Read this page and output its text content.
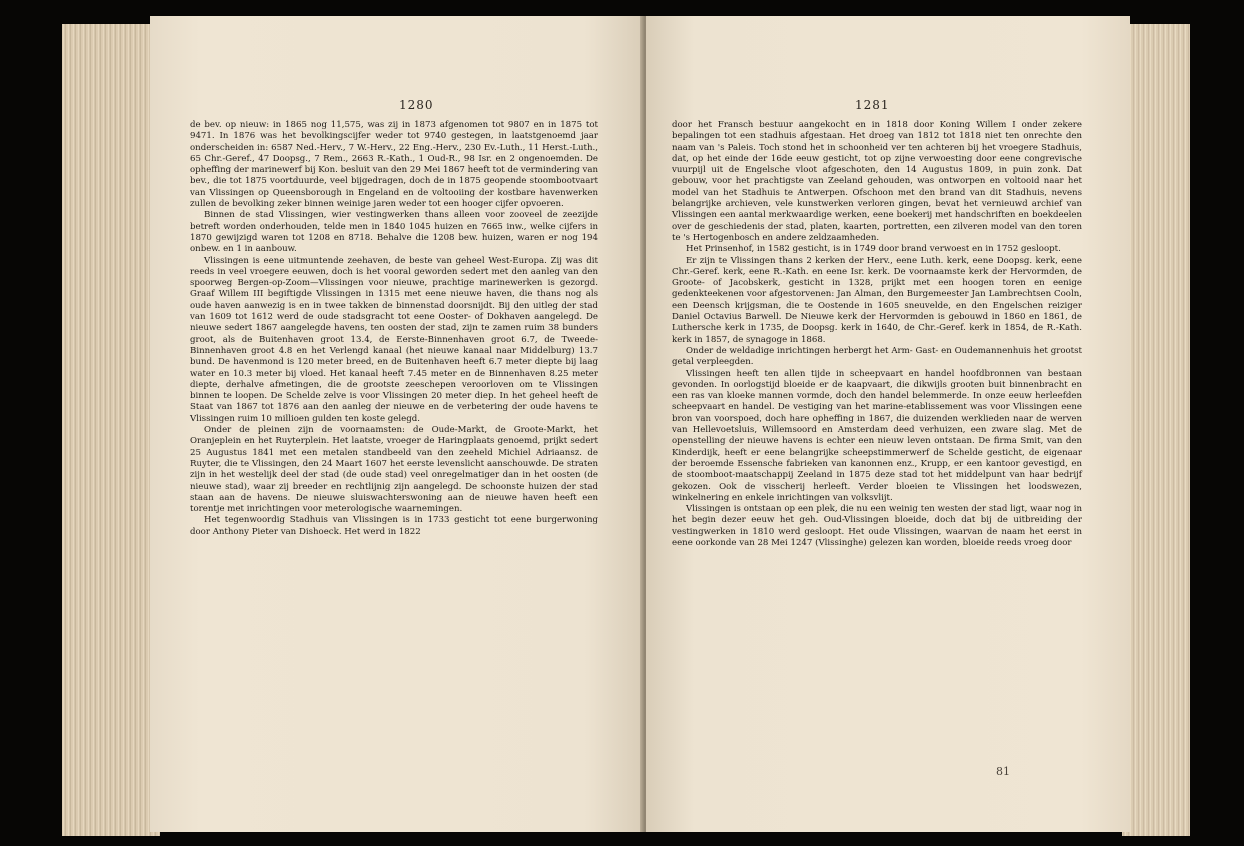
1280

de bev. op nieuw: in 1865 nog 11,575, was zij in 1873 afgenomen tot 9807 en in 1875 tot 9471. In 1876 was het bevolkingscijfer weder tot 9740 gestegen, in laatstgenoemd jaar onderscheiden in: 6587 Ned.-Herv., 7 W.-Herv., 22 Eng.-Herv., 230 Ev.-Luth., 11 Herst.-Luth., 65 Chr.-Geref., 47 Doopsg., 7 Rem., 2663 R.-Kath., 1 Oud-R., 98 Isr. en 2 ongenoemden. De opheffing der marinewerf bij Kon. besluit van den 29 Mei 1867 heeft tot de vermindering van bev., die tot 1875 voortduurde, veel bijgedragen, doch de in 1875 geopende stoombootvaart van Vlissingen op Queensborough in Engeland en de voltooiing der kostbare havenwerken zullen de bevolking zeker binnen weinige jaren weder tot een hooger cijfer opvoeren.

Binnen de stad Vlissingen, wier vestingwerken thans alleen voor zooveel de zeezijde betreft worden onderhouden, telde men in 1840 1045 huizen en 7665 inw., welke cijfers in 1870 gewijzigd waren tot 1208 en 8718. Behalve die 1208 bew. huizen, waren er nog 194 onbew. en 1 in aanbouw.

Vlissingen is eene uitmuntende zeehaven, de beste van geheel West-Europa. Zij was dit reeds in veel vroegere eeuwen, doch is het vooral geworden sedert met den aanleg van den spoorweg Bergen-op-Zoom—Vlissingen voor nieuwe, prachtige marinewerken is gezorgd. Graaf Willem III begiftigde Vlissingen in 1315 met eene nieuwe haven, die thans nog als oude haven aanwezig is en in twee takken de binnenstad doorsnijdt. Bij den uitleg der stad van 1609 tot 1612 werd de oude stadsgracht tot eene Ooster- of Dokhaven aangelegd. De nieuwe sedert 1867 aangelegde havens, ten oosten der stad, zijn te zamen ruim 38 bunders groot, als de Buitenhaven groot 13.4, de Eerste-Binnenhaven groot 6.7, de Tweede-Binnenhaven groot 4.8 en het Verlengd kanaal (het nieuwe kanaal naar Middelburg) 13.7 bund. De havenmond is 120 meter breed, en de Buitenhaven heeft 6.7 meter diepte bij laag water en 10.3 meter bij vloed. Het kanaal heeft 7.45 meter en de Binnenhaven 8.25 meter diepte, derhalve afmetingen, die de grootste zeeschepen veroorloven om te Vlissingen binnen te loopen. De Schelde zelve is voor Vlissingen 20 meter diep. In het geheel heeft de Staat van 1867 tot 1876 aan den aanleg der nieuwe en de verbetering der oude havens te Vlissingen ruim 10 millioen gulden ten koste gelegd.

Onder de pleinen zijn de voornaamsten: de Oude-Markt, de Groote-Markt, het Oranjeplein en het Ruyterplein. Het laatste, vroeger de Haringplaats genoemd, prijkt sedert 25 Augustus 1841 met een metalen standbeeld van den zeeheld Michiel Adriaansz. de Ruyter, die te Vlissingen, den 24 Maart 1607 het eerste levenslicht aanschouwde. De straten zijn in het westelijk deel der stad (de oude stad) veel onregelmatiger dan in het oosten (de nieuwe stad), waar zij breeder en rechtlijnig zijn aangelegd. De schoonste huizen der stad staan aan de havens. De nieuwe sluiswachterswoning aan de nieuwe haven heeft een torentje met inrichtingen voor meterologische waarnemingen.

Het tegenwoordig Stadhuis van Vlissingen is in 1733 gesticht tot eene burgerwoning door Anthony Pieter van Dishoeck. Het werd in 1822

1281

door het Fransch bestuur aangekocht en in 1818 door Koning Willem I onder zekere bepalingen tot een stadhuis afgestaan. Het droeg van 1812 tot 1818 niet ten onrechte den naam van 's Paleis. Toch stond het in schoonheid ver ten achteren bij het vroegere Stadhuis, dat, op het einde der 16de eeuw gesticht, tot op zijne verwoesting door eene congrevische vuurpijl uit de Engelsche vloot afgeschoten, den 14 Augustus 1809, in puin zonk. Dat gebouw, voor het prachtigste van Zeeland gehouden, was ontworpen en voltooid naar het model van het Stadhuis te Antwerpen. Ofschoon met den brand van dit Stadhuis, nevens belangrijke archieven, vele kunstwerken verloren gingen, bevat het vernieuwd archief van Vlissingen een aantal merkwaardige werken, eene boekerij met handschriften en boekdeelen over de geschiedenis der stad, platen, kaarten, portretten, een zilveren model van den toren te 's Hertogenbosch en andere zeldzaamheden.

Het Prinsenhof, in 1582 gesticht, is in 1749 door brand verwoest en in 1752 gesloopt.

Er zijn te Vlissingen thans 2 kerken der Herv., eene Luth. kerk, eene Doopsg. kerk, eene Chr.-Geref. kerk, eene R.-Kath. en eene Isr. kerk. De voornaamste kerk der Hervormden, de Groote- of Jacobskerk, gesticht in 1328, prijkt met een hoogen toren en eenige gedenkteekenen voor afgestorvenen: Jan Alman, den Burgemeester Jan Lambrechtsen Cooln, een Deensch krijgsman, die te Oostende in 1605 sneuvelde, en den Engelschen reiziger Daniel Octavius Barwell. De Nieuwe kerk der Hervormden is gebouwd in 1860 en 1861, de Luthersche kerk in 1735, de Doopsg. kerk in 1640, de Chr.-Geref. kerk in 1854, de R.-Kath. kerk in 1857, de synagoge in 1868.

Onder de weldadige inrichtingen herbergt het Arm- Gast- en Oudemannenhuis het grootst getal verpleegden.

Vlissingen heeft ten allen tijde in scheepvaart en handel hoofdbronnen van bestaan gevonden. In oorlogstijd bloeide er de kaapvaart, die dikwijls grooten buit binnenbracht en een ras van kloeke mannen vormde, doch den handel belemmerde. In onze eeuw herleefden scheepvaart en handel. De vestiging van het marine-etablissement was voor Vlissingen eene bron van voorspoed, doch hare opheffing in 1867, die duizenden werklieden naar de werven van Hellevoetsluis, Willemsoord en Amsterdam deed verhuizen, een zware slag. Met de openstelling der nieuwe havens is echter een nieuw leven ontstaan. De firma Smit, van den Kinderdijk, heeft er eene belangrijke scheepstimmerwerf de Schelde gesticht, de eigenaar der beroemde Essensche fabrieken van kanonnen enz., Krupp, er een kantoor gevestigd, en de stoomboot-maatschappij Zeeland in 1875 deze stad tot het middelpunt van haar bedrijf gekozen. Ook de visscherij herleeft. Verder bloeien te Vlissingen het loodswezen, winkelnering en enkele inrichtingen van volksvlijt.

Vlissingen is ontstaan op een plek, die nu een weinig ten westen der stad ligt, waar nog in het begin dezer eeuw het geh. Oud-Vlissingen bloeide, doch dat bij de uitbreiding der vestingwerken in 1810 werd gesloopt. Het oude Vlissingen, waarvan de naam het eerst in eene oorkonde van 28 Mei 1247 (Vlissinghe) gelezen kan worden, bloeide reeds vroeg door

81
